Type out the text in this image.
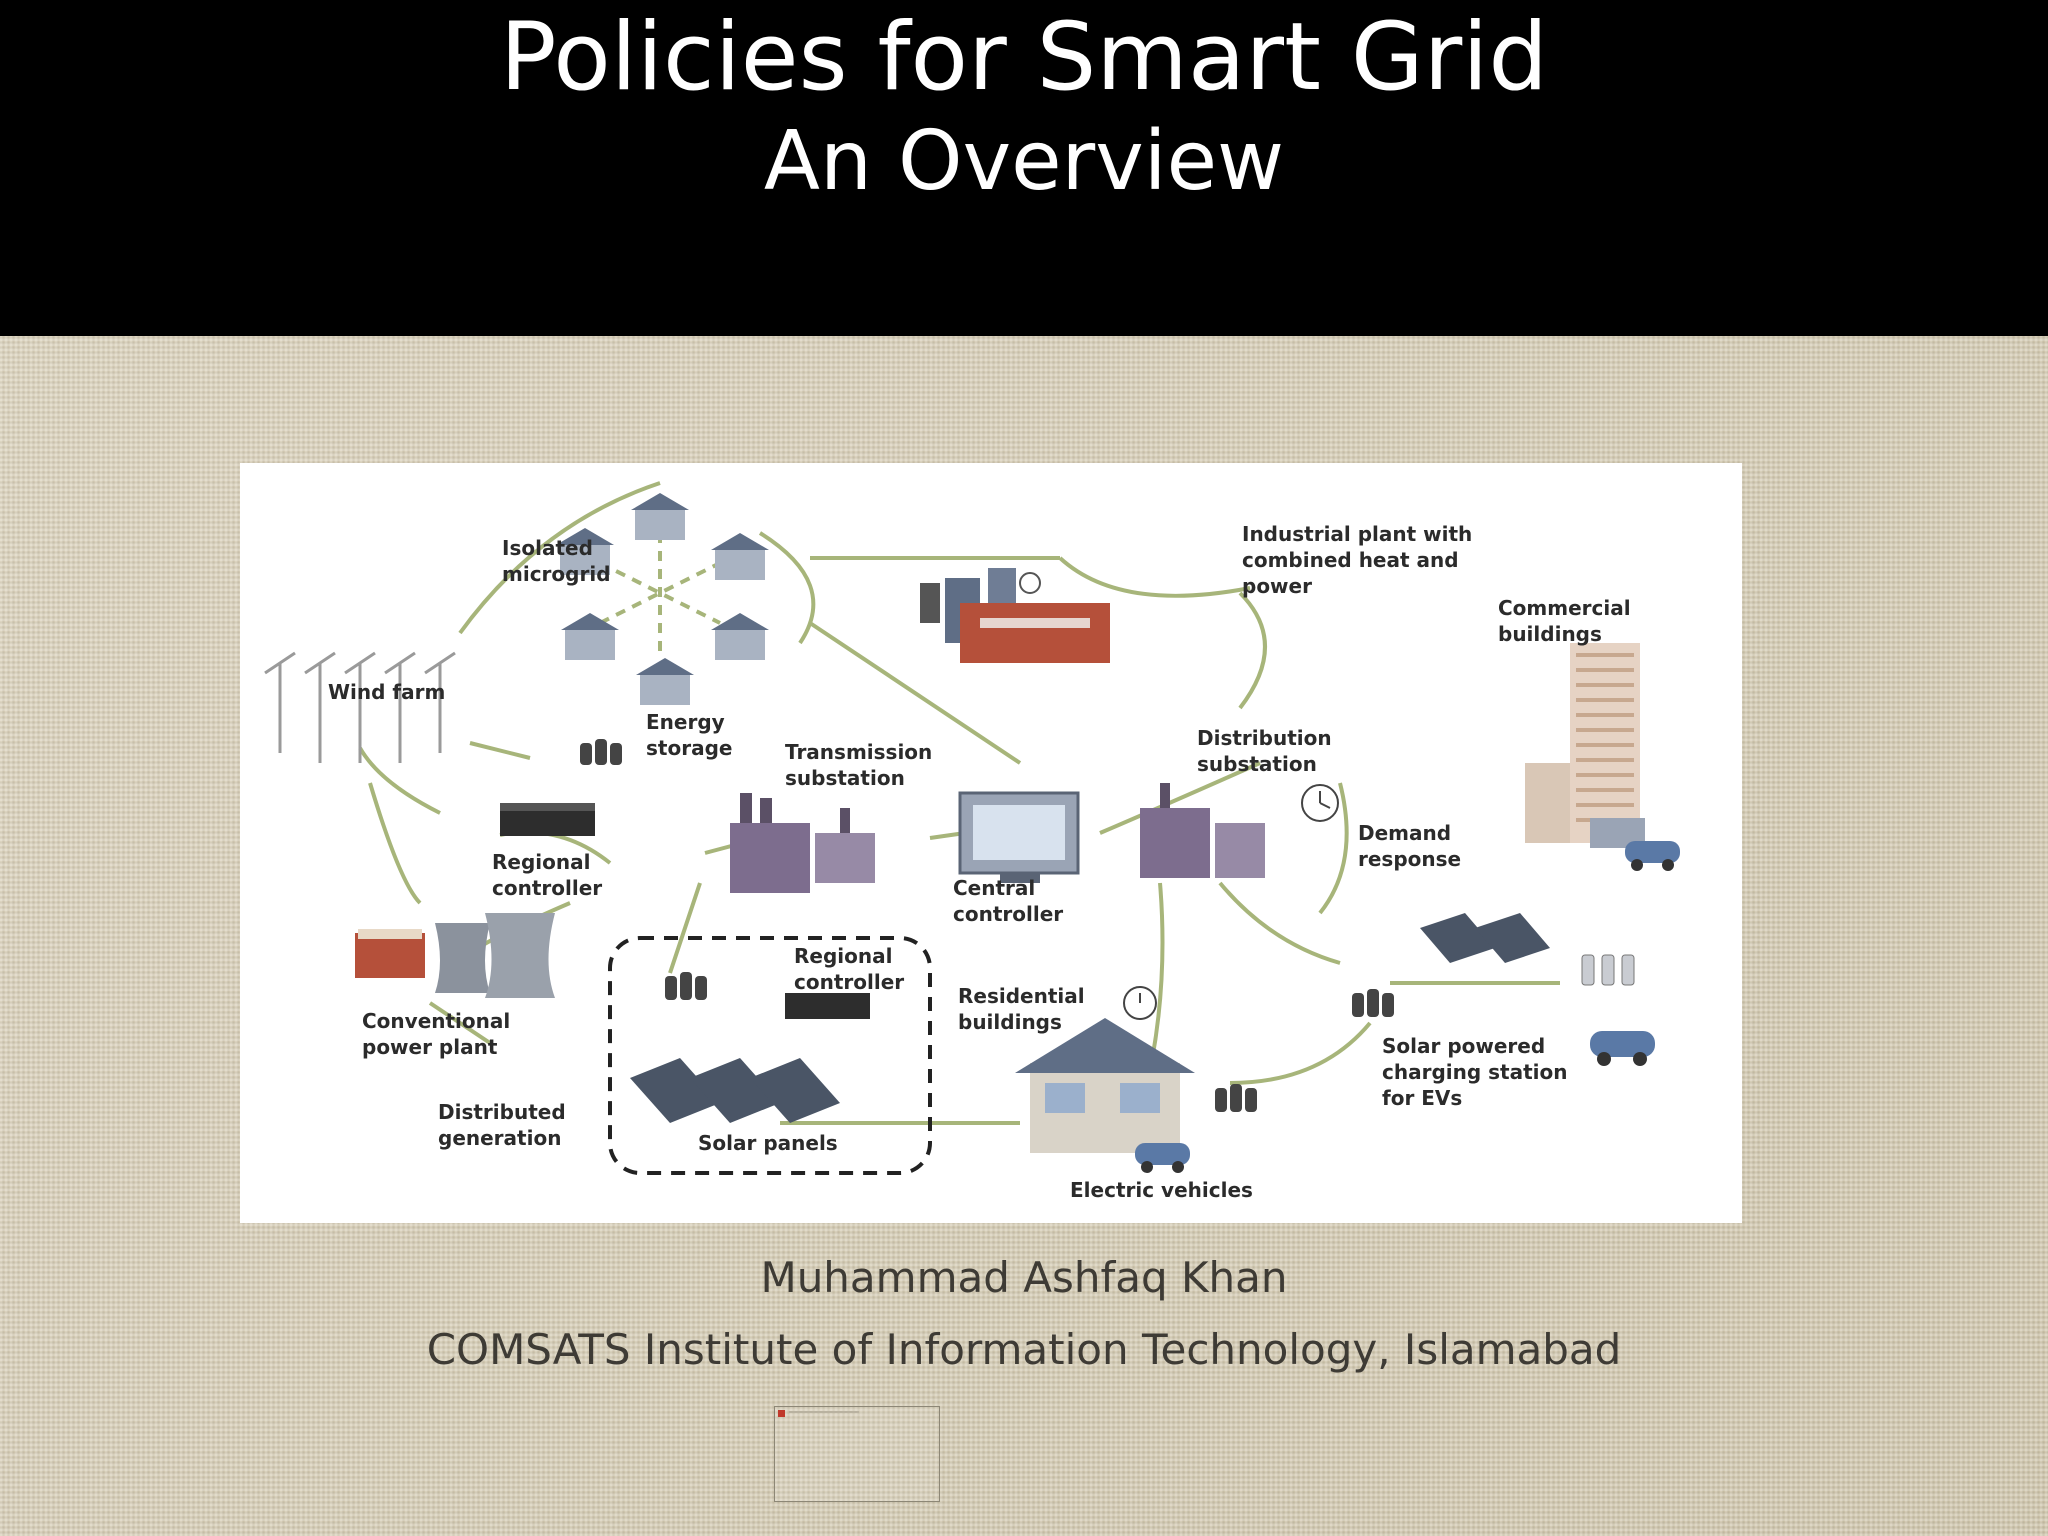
Policies for Smart Grid
An Overview
Isolated
microgrid
Industrial plant with
combined heat and
power
Commercial
buildings
Wind farm
Energy
storage	Transmission
substation
Distribution
substation
Regional
controller	Central
controller
Demand
response
Regional
controller
Residential
buildings
Conventional
power plant	Solar powered
charging station
for EVs
Distributed
generation	Solar panels
Electric vehicles
Muhammad Ashfaq Khan
COMSATS Institute of Information Technology, Islamabad
